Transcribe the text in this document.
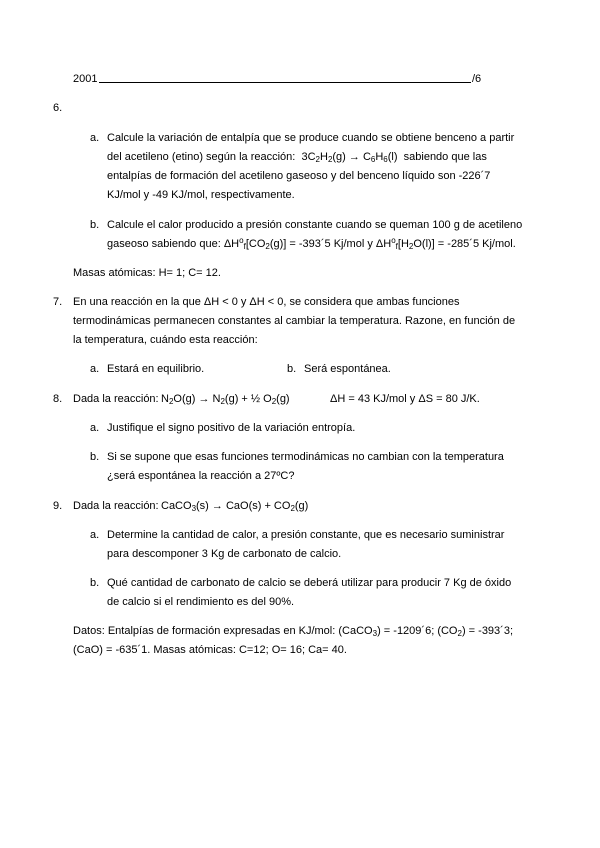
2001	/6
6.
a. Calcule la variación de entalpía que se produce cuando se obtiene benceno a partir
del acetileno (etino) según la reacción:  $3C_2H_2(g) \to C_6H_6(l)$  sabiendo que las
entalpías de formación del acetileno gaseoso y del benceno líquido son -226´7
KJ/mol y -49 KJ/mol, respectivamente.
b. Calcule el calor producido a presión constante cuando se queman 100 g de acetileno
gaseoso sabiendo que: $\Delta H^o_f[CO_2(g)]$ = -393´5 Kj/mol y $\Delta H^o_f[H_2O(l)]$ = -285´5 Kj/mol.
Masas atómicas: H= 1; C= 12.
7. En una reacción en la que ΔH < 0 y ΔH < 0, se considera que ambas funciones
termodinámicas permanecen constantes al cambiar la temperatura. Razone, en función de
la temperatura, cuándo esta reacción:
a. Estará en equilibrio.	b. Será espontánea.
8. Dada la reacción: $N_2O(g) \to N_2(g)$ + ½ $O_2(g)$	ΔH = 43 KJ/mol y ΔS = 80 J/K.
a. Justifique el signo positivo de la variación entropía.
b. Si se supone que esas funciones termodinámicas no cambian con la temperatura
¿será espontánea la reacción a 27ºC?
9. Dada la reacción: CaCO$_3$(s) → $CaO(s) + CO_2(g)$
a. Determine la cantidad de calor, a presión constante, que es necesario suministrar
para descomponer 3 Kg de carbonato de calcio.
b. Qué cantidad de carbonato de calcio se deberá utilizar para producir 7 Kg de óxido
de calcio si el rendimiento es del 90%.
Datos: Entalpías de formación expresadas en KJ/mol: (CaCO$_3$) = -1209´6; $(CO_2)$ = -393´3;
(CaO) = -635´1. Masas atómicas: C=12; O= 16; Ca= 40.
